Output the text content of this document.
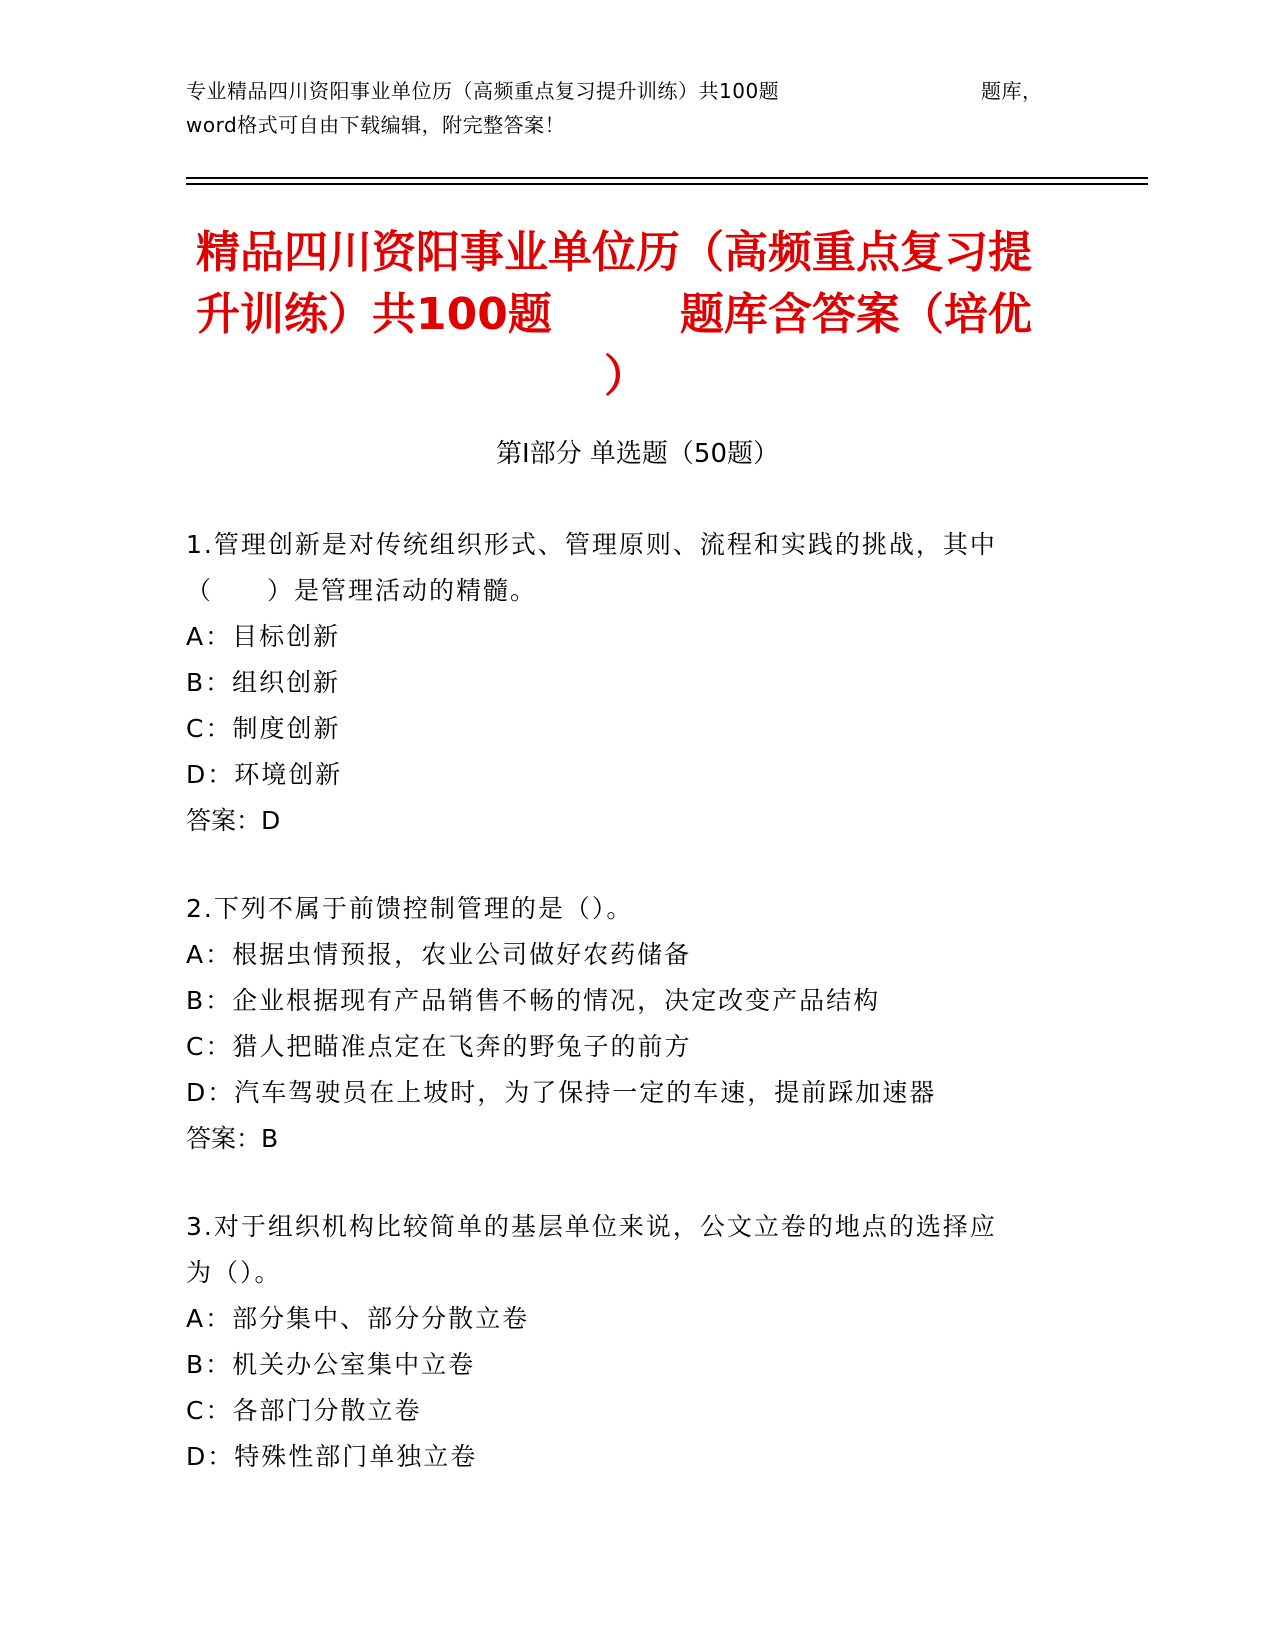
专业精品四川资阳事业单位历（高频重点复习提升训练）共100题	题库，
word格式可自由下载编辑，附完整答案！
精品四川资阳事业单位历（高频重点复习提
升训练）共100题	题库含答案（培优
）
第Ⅰ部分 单选题（50题）
1.管理创新是对传统组织形式、管理原则、流程和实践的挑战，其中
（　　）是管理活动的精髓。
A：目标创新
B：组织创新
C：制度创新
D：环境创新
答案：D
2.下列不属于前馈控制管理的是（）。
A：根据虫情预报，农业公司做好农药储备
B：企业根据现有产品销售不畅的情况，决定改变产品结构
C：猎人把瞄准点定在飞奔的野兔子的前方
D：汽车驾驶员在上坡时，为了保持一定的车速，提前踩加速器
答案：B
3.对于组织机构比较简单的基层单位来说，公文立卷的地点的选择应
为（）。
A：部分集中、部分分散立卷
B：机关办公室集中立卷
C：各部门分散立卷
D：特殊性部门单独立卷
